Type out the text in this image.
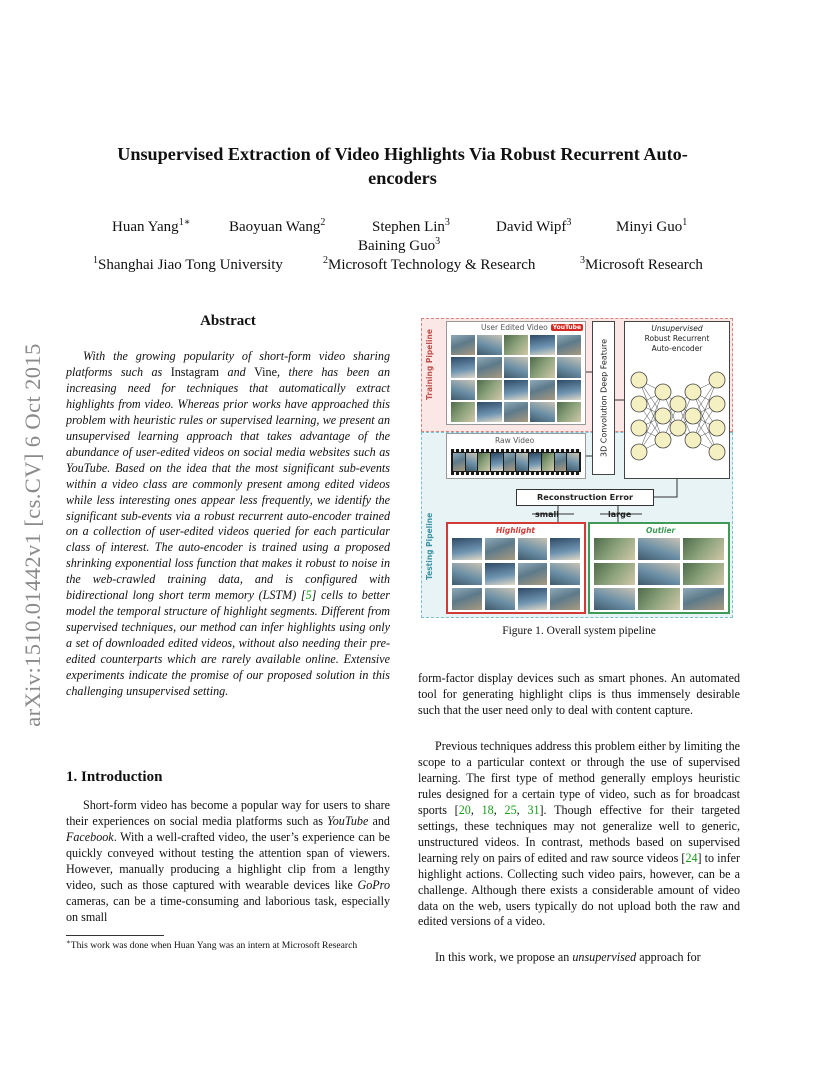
arXiv:1510.01442v1 [cs.CV] 6 Oct 2015
Unsupervised Extraction of Video Highlights Via Robust Recurrent Auto-encoders
Huan Yang$^{1∗}$	Baoyuan Wang$^2$	Stephen Lin$^3$	David Wipf$^3$	Minyi Guo$^1$
Baining Guo$^3$
$^1$Shanghai Jiao Tong University	$^2$Microsoft Technology & Research	$^3$Microsoft Research
Abstract
With the growing popularity of short-form video sharing platforms such as Instagram and Vine, there has been an increasing need for techniques that automatically extract highlights from video. Whereas prior works have approached this problem with heuristic rules or supervised learning, we present an unsupervised learning approach that takes advantage of the abundance of user-edited videos on social media websites such as YouTube. Based on the idea that the most significant sub-events within a video class are commonly present among edited videos while less interesting ones appear less frequently, we identify the significant sub-events via a robust recurrent auto-encoder trained on a collection of user-edited videos queried for each particular class of interest. The auto-encoder is trained using a proposed shrinking exponential loss function that makes it robust to noise in the web-crawled training data, and is configured with bidirectional long short term memory (LSTM) [5] cells to better model the temporal structure of highlight segments. Different from supervised techniques, our method can infer highlights using only a set of downloaded edited videos, without also needing their pre-edited counterparts which are rarely available online. Extensive experiments indicate the promise of our proposed solution in this challenging unsupervised setting.
1. Introduction
Short-form video has become a popular way for users to share their experiences on social media platforms such as YouTube and Facebook. With a well-crafted video, the user’s experience can be quickly conveyed without testing the attention span of viewers. However, manually producing a highlight clip from a lengthy video, such as those captured with wearable devices like GoPro cameras, can be a time-consuming and laborious task, especially on small
∗This work was done when Huan Yang was an intern at Microsoft Research
Training Pipeline
Testing Pipeline
User Edited Video YouTube
Raw Video	3D Convolution Deep Feature
Unsupervised
Robust Recurrent
Auto-encoder
Reconstruction Error
small	large
Highlight	Outlier
Figure 1. Overall system pipeline
form-factor display devices such as smart phones. An automated tool for generating highlight clips is thus immensely desirable such that the user need only to deal with content capture.
Previous techniques address this problem either by limiting the scope to a particular context or through the use of supervised learning. The first type of method generally employs heuristic rules designed for a certain type of video, such as for broadcast sports [20, 18, 25, 31]. Though effective for their targeted settings, these techniques may not generalize well to generic, unstructured videos. In contrast, methods based on supervised learning rely on pairs of edited and raw source videos [24] to infer highlight actions. Collecting such video pairs, however, can be a challenge. Although there exists a considerable amount of video data on the web, users typically do not upload both the raw and edited versions of a video.
In this work, we propose an unsupervised approach for
